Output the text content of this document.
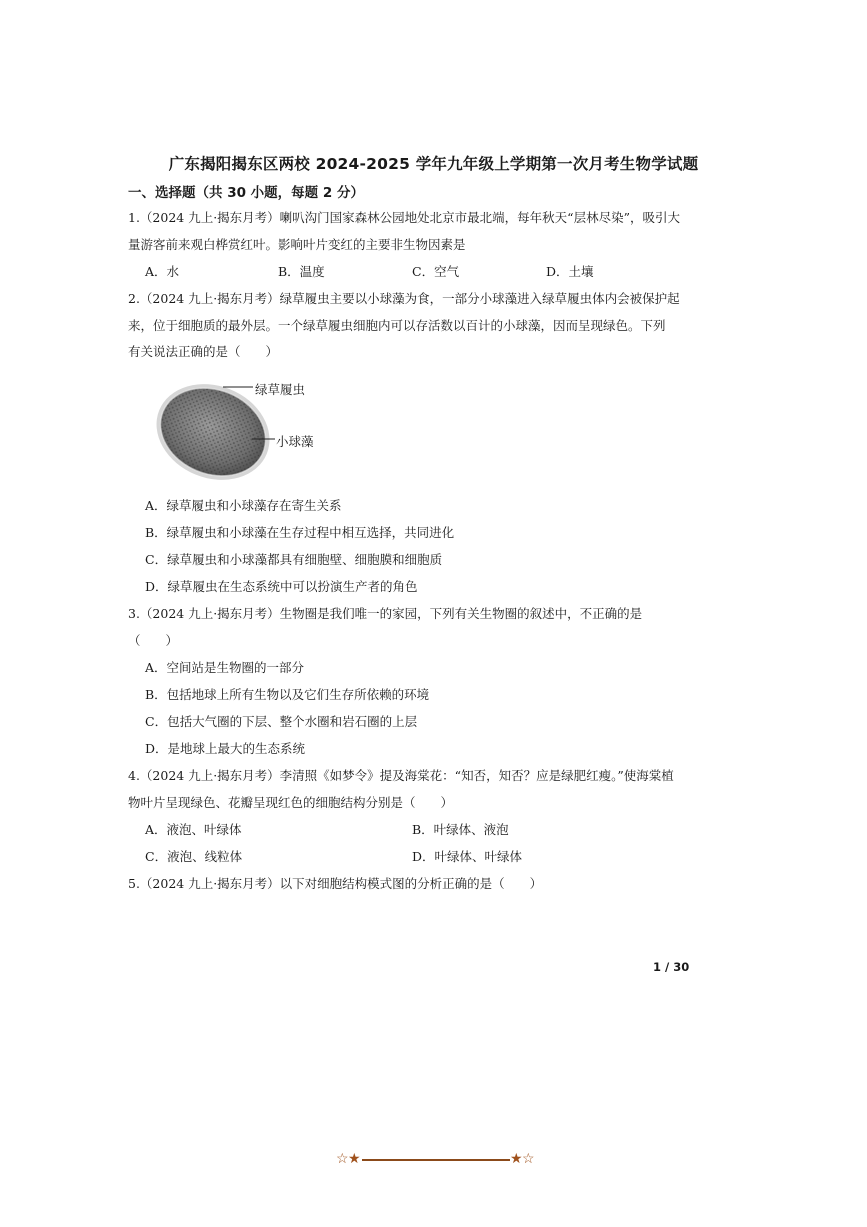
广东揭阳揭东区两校 2024-2025 学年九年级上学期第一次月考生物学试题
一、选择题（共 30 小题，每题 2 分）
1.（2024 九上·揭东月考）喇叭沟门国家森林公园地处北京市最北端，每年秋天“层林尽染”，吸引大
量游客前来观白桦赏红叶。影响叶片变红的主要非生物因素是
A．水	B．温度	C．空气	D．土壤
2.（2024 九上·揭东月考）绿草履虫主要以小球藻为食，一部分小球藻进入绿草履虫体内会被保护起
来，位于细胞质的最外层。一个绿草履虫细胞内可以存活数以百计的小球藻，因而呈现绿色。下列
有关说法正确的是（　　）
绿草履虫
小球藻
A．绿草履虫和小球藻存在寄生关系
B．绿草履虫和小球藻在生存过程中相互选择，共同进化
C．绿草履虫和小球藻都具有细胞壁、细胞膜和细胞质
D．绿草履虫在生态系统中可以扮演生产者的角色
3.（2024 九上·揭东月考）生物圈是我们唯一的家园，下列有关生物圈的叙述中，不正确的是
（　　）
A．空间站是生物圈的一部分
B．包括地球上所有生物以及它们生存所依赖的环境
C．包括大气圈的下层、整个水圈和岩石圈的上层
D．是地球上最大的生态系统
4.（2024 九上·揭东月考）李清照《如梦令》提及海棠花：“知否，知否？应是绿肥红瘦。”使海棠植
物叶片呈现绿色、花瓣呈现红色的细胞结构分别是（　　）
A．液泡、叶绿体	B．叶绿体、液泡
C．液泡、线粒体	D．叶绿体、叶绿体
5.（2024 九上·揭东月考）以下对细胞结构模式图的分析正确的是（　　）
1 / 30
☆ ★	★ ☆
